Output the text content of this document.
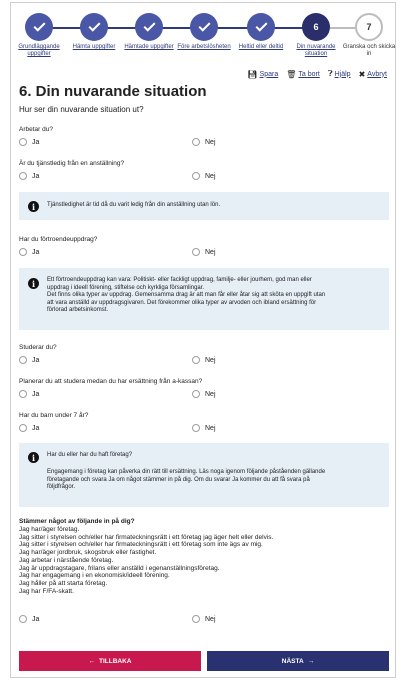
Grundläggande uppgifter
Hämta uppgifter	Hämtade uppgifter Före arbetslösheten	Heltid eller deltid
6
Din nuvarande situation
7
Granska och skicka in
💾︎ Spara 🗑︎ Ta bort ❓︎ Hjälp ✖ Avbryt
6. Din nuvarande situation
Hur ser din nuvarande situation ut?
Arbetar du?
Ja	Nej
Är du tjänstledig från en anställning?
Ja	Nej
i	Tjänstledighet är tid då du varit ledig från din anställning utan lön.
Har du förtroendeuppdrag?
Ja	Nej
i	Ett förtroendeuppdrag kan vara: Politiskt- eller fackligt uppdrag, familje- eller jourhem, god man eller
uppdrag i ideell förening, stiftelse och kyrkliga församlingar.
Det finns olika typer av uppdrag. Gemensamma drag är att man får eller åtar sig att sköta en uppgift utan
att vara anställd av uppdragsgivaren. Det förekommer olika typer av arvoden och ibland ersättning för
förlorad arbetsinkomst.
Studerar du?
Ja	Nej
Planerar du att studera medan du har ersättning från a-kassan?
Ja	Nej
Har du barn under 7 år?
Ja	Nej
i	Har du eller har du haft företag?
Engagemang i företag kan påverka din rätt till ersättning. Läs noga igenom följande påståenden gällande
företagande och svara Ja om något stämmer in på dig. Om du svarar Ja kommer du att få svara på
följdfrågor.
Stämmer något av följande in på dig?
Jag har/äger företag.
Jag sitter i styrelsen och/eller har firmateckningsrätt i ett företag jag äger helt eller delvis.
Jag sitter i styrelsen och/eller har firmateckningsrätt i ett företag som inte ägs av mig.
Jag har/äger jordbruk, skogsbruk eller fastighet.
Jag arbetar i närstående företag.
Jag är uppdragstagare, frilans eller anställd i egenanställningsföretag.
Jag har engagemang i en ekonomisk/ideell förening.
Jag håller på att starta företag.
Jag har F/FA-skatt.
Ja	Nej
← TILLBAKA	NÄSTA →
